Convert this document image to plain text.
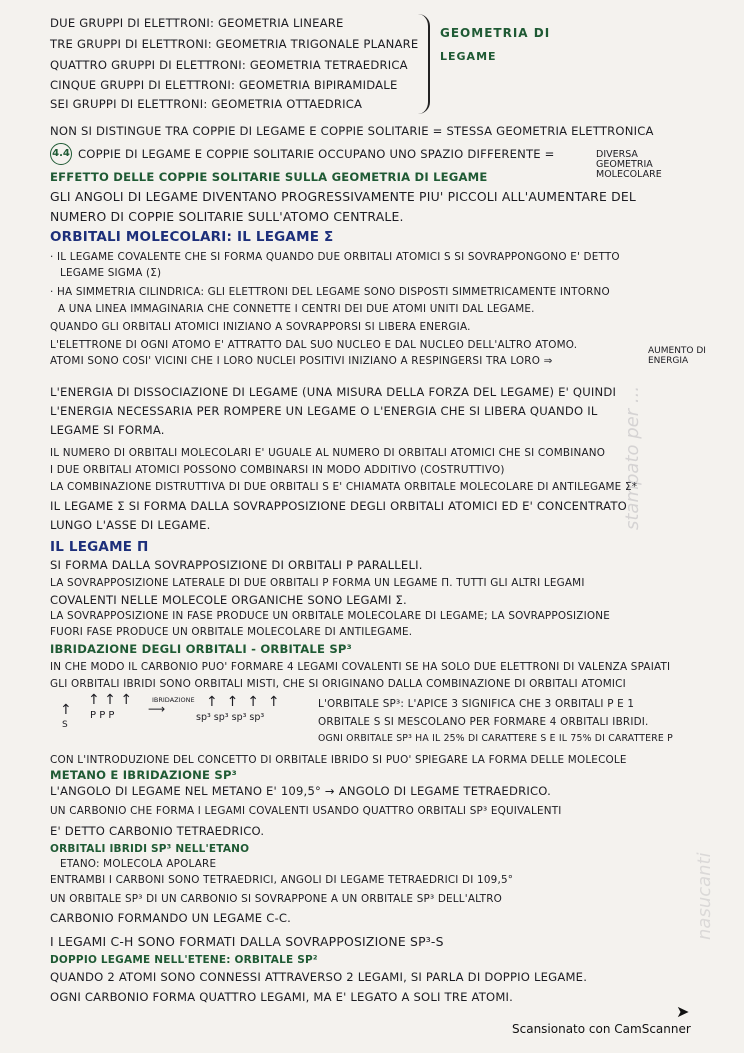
GEOMETRIA DI
LEGAME
DUE GRUPPI DI ELETTRONI: GEOMETRIA LINEARE
TRE GRUPPI DI ELETTRONI: GEOMETRIA TRIGONALE PLANARE
QUATTRO GRUPPI DI ELETTRONI: GEOMETRIA TETRAEDRICA
CINQUE GRUPPI DI ELETTRONI: GEOMETRIA BIPIRAMIDALE
SEI GRUPPI DI ELETTRONI: GEOMETRIA OTTAEDRICA
NON SI DISTINGUE TRA COPPIE DI LEGAME E COPPIE SOLITARIE = STESSA GEOMETRIA ELETTRONICA
4.4 COPPIE DI LEGAME E COPPIE SOLITARIE OCCUPANO UNO SPAZIO DIFFERENTE =	DIVERSA
GEOMETRIA
MOLECOLARE
EFFETTO DELLE COPPIE SOLITARIE SULLA GEOMETRIA DI LEGAME
GLI ANGOLI DI LEGAME DIVENTANO PROGRESSIVAMENTE PIU' PICCOLI ALL'AUMENTARE DEL
NUMERO DI COPPIE SOLITARIE SULL'ATOMO CENTRALE.
ORBITALI MOLECOLARI: IL LEGAME Σ
· IL LEGAME COVALENTE CHE SI FORMA QUANDO DUE ORBITALI ATOMICI S SI SOVRAPPONGONO E' DETTO
LEGAME SIGMA (Σ)
· HA SIMMETRIA CILINDRICA: GLI ELETTRONI DEL LEGAME SONO DISPOSTI SIMMETRICAMENTE INTORNO
A UNA LINEA IMMAGINARIA CHE CONNETTE I CENTRI DEI DUE ATOMI UNITI DAL LEGAME.
QUANDO GLI ORBITALI ATOMICI INIZIANO A SOVRAPPORSI SI LIBERA ENERGIA.
L'ELETTRONE DI OGNI ATOMO E' ATTRATTO DAL SUO NUCLEO E DAL NUCLEO DELL'ALTRO ATOMO.
ATOMI SONO COSI' VICINI CHE I LORO NUCLEI POSITIVI INIZIANO A RESPINGERSI TRA LORO ⇒
AUMENTO DI
ENERGIA
L'ENERGIA DI DISSOCIAZIONE DI LEGAME (UNA MISURA DELLA FORZA DEL LEGAME) E' QUINDI
L'ENERGIA NECESSARIA PER ROMPERE UN LEGAME O L'ENERGIA CHE SI LIBERA QUANDO IL
LEGAME SI FORMA.
IL NUMERO DI ORBITALI MOLECOLARI E' UGUALE AL NUMERO DI ORBITALI ATOMICI CHE SI COMBINANO
I DUE ORBITALI ATOMICI POSSONO COMBINARSI IN MODO ADDITIVO (COSTRUTTIVO)
LA COMBINAZIONE DISTRUTTIVA DI DUE ORBITALI S E' CHIAMATA ORBITALE MOLECOLARE DI ANTILEGAME Σ*
IL LEGAME Σ SI FORMA DALLA SOVRAPPOSIZIONE DEGLI ORBITALI ATOMICI ED E' CONCENTRATO
LUNGO L'ASSE DI LEGAME.
IL LEGAME Π
SI FORMA DALLA SOVRAPPOSIZIONE DI ORBITALI P PARALLELI.
LA SOVRAPPOSIZIONE LATERALE DI DUE ORBITALI P FORMA UN LEGAME Π. TUTTI GLI ALTRI LEGAMI
COVALENTI NELLE MOLECOLE ORGANICHE SONO LEGAMI Σ.
LA SOVRAPPOSIZIONE IN FASE PRODUCE UN ORBITALE MOLECOLARE DI LEGAME; LA SOVRAPPOSIZIONE
FUORI FASE PRODUCE UN ORBITALE MOLECOLARE DI ANTILEGAME.
IBRIDAZIONE DEGLI ORBITALI - ORBITALE SP³
IN CHE MODO IL CARBONIO PUO' FORMARE 4 LEGAMI COVALENTI SE HA SOLO DUE ELETTRONI DI VALENZA SPAIATI
GLI ORBITALI IBRIDI SONO ORBITALI MISTI, CHE SI ORIGINANO DALLA COMBINAZIONE DI ORBITALI ATOMICI
↑ ↑ ↑
↑ P P P
S
IBRIDAZIONE
⟶	↑  ↑  ↑  ↑
sp³ sp³ sp³ sp³
L'ORBITALE SP³: L'APICE 3 SIGNIFICA CHE 3 ORBITALI P E 1
ORBITALE S SI MESCOLANO PER FORMARE 4 ORBITALI IBRIDI.
OGNI ORBITALE SP³ HA IL 25% DI CARATTERE S E IL 75% DI CARATTERE P
CON L'INTRODUZIONE DEL CONCETTO DI ORBITALE IBRIDO SI PUO' SPIEGARE LA FORMA DELLE MOLECOLE
METANO E IBRIDAZIONE SP³
L'ANGOLO DI LEGAME NEL METANO E' 109,5° → ANGOLO DI LEGAME TETRAEDRICO.
UN CARBONIO CHE FORMA I LEGAMI COVALENTI USANDO QUATTRO ORBITALI SP³ EQUIVALENTI
E' DETTO CARBONIO TETRAEDRICO.
ORBITALI IBRIDI SP³ NELL'ETANO
ETANO: MOLECOLA APOLARE
ENTRAMBI I CARBONI SONO TETRAEDRICI, ANGOLI DI LEGAME TETRAEDRICI DI 109,5°
UN ORBITALE SP³ DI UN CARBONIO SI SOVRAPPONE A UN ORBITALE SP³ DELL'ALTRO
CARBONIO FORMANDO UN LEGAME C-C.
I LEGAMI C-H SONO FORMATI DALLA SOVRAPPOSIZIONE SP³-S
DOPPIO LEGAME NELL'ETENE: ORBITALE SP²
QUANDO 2 ATOMI SONO CONNESSI ATTRAVERSO 2 LEGAMI, SI PARLA DI DOPPIO LEGAME.
OGNI CARBONIO FORMA QUATTRO LEGAMI, MA E' LEGATO A SOLI TRE ATOMI.
stampato per ...
nasucanti
➤
Scansionato con CamScanner
